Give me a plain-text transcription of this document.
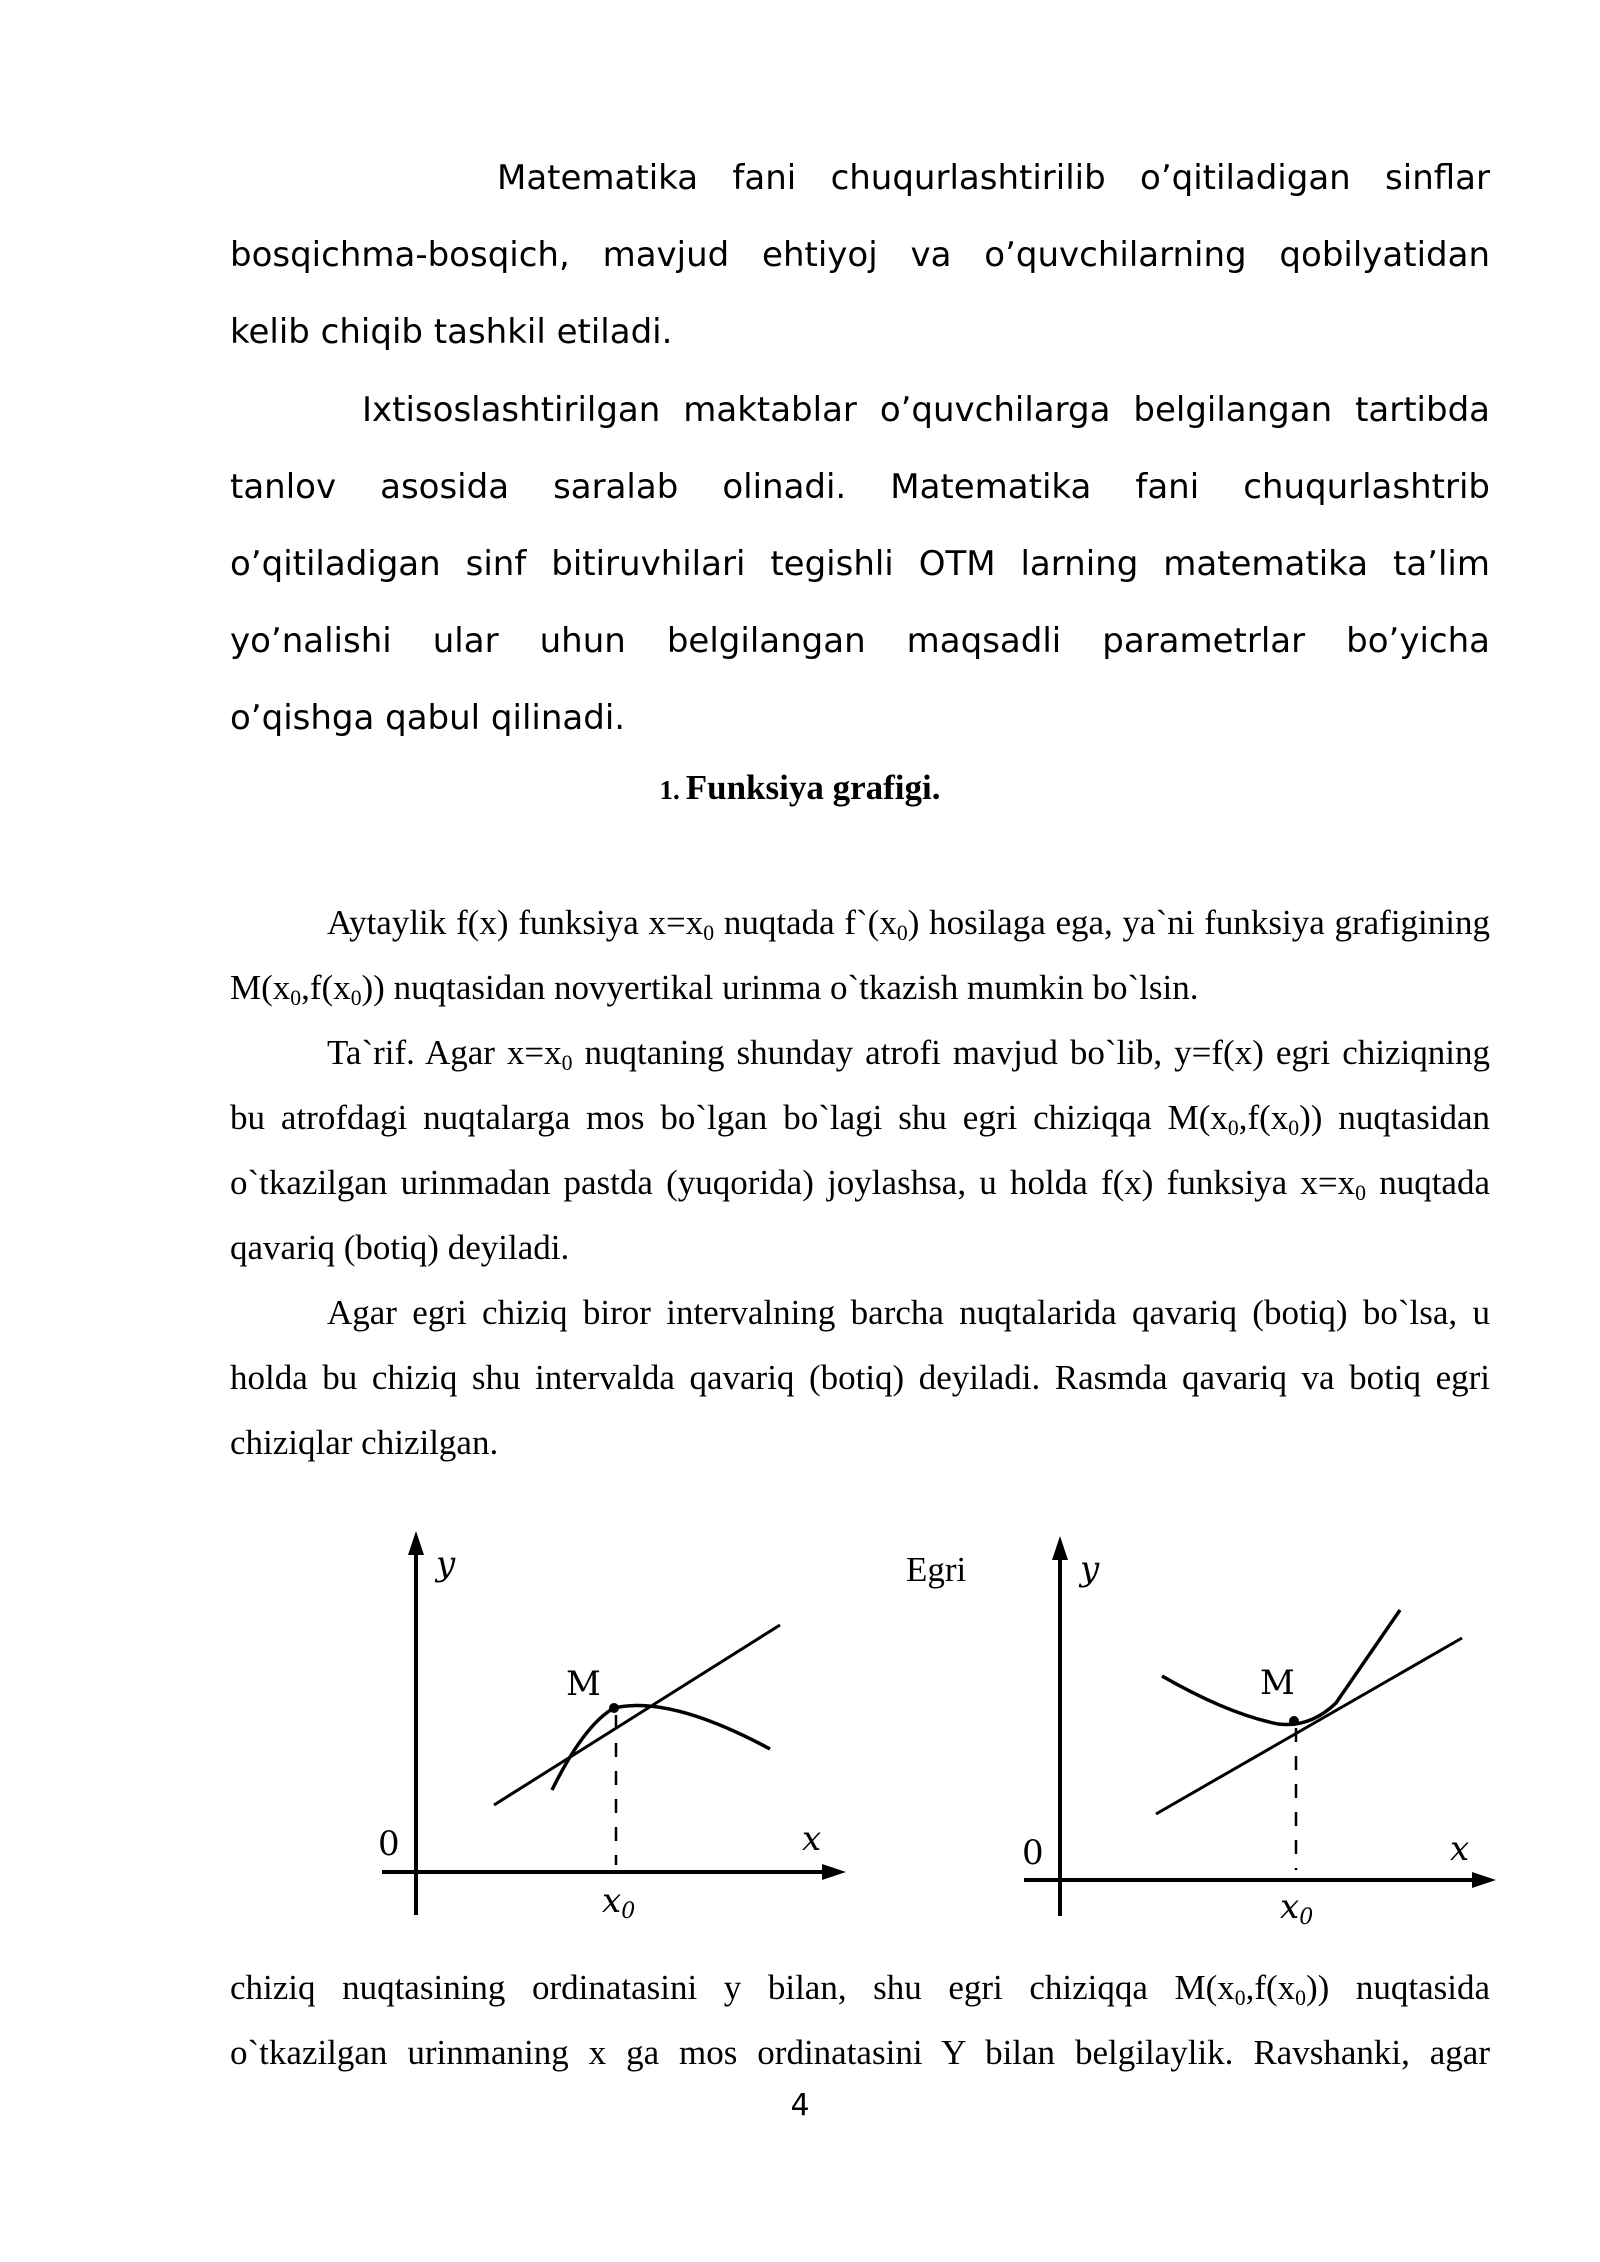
Matematika fani chuqurlashtirilib o’qitiladigan sinflar

bosqichma-bosqich, mavjud ehtiyoj va o’quvchilarning qobilyatidan

kelib chiqib tashkil etiladi.

Ixtisoslashtirilgan maktablar o’quvchilarga belgilangan tartibda

tanlov asosida saralab olinadi. Matematika fani chuqurlashtrib

o’qitiladigan sinf bitiruvhilari tegishli OTM larning matematika ta’lim

yo’nalishi ular uhun belgilangan maqsadli parametrlar bo’yicha

o’qishga qabul qilinadi.

1. Funksiya grafigi.

Aytaylik f(x) funksiya $x=x_0$ nuqtada $f`(x_0)$ hosilaga ega, ya`ni funksiya grafigining $M(x_0,f(x_0))$ nuqtasidan novyertikal urinma o`tkazish mumkin bo`lsin.

Ta`rif. Agar $x=x_0$ nuqtaning shunday atrofi mavjud bo`lib, y=f(x) egri chiziqning bu atrofdagi nuqtalarga mos bo`lgan bo`lagi shu egri chiziqqa $M(x_0,f(x_0))$ nuqtasidan o`tkazilgan urinmadan pastda (yuqorida) joylashsa, u holda f(x) funksiya $x=x_0$ nuqtada qavariq (botiq) deyiladi.

Agar egri chiziq biror intervalning barcha nuqtalarida qavariq (botiq) bo`lsa, u holda bu chiziq shu intervalda qavariq (botiq) deyiladi. Rasmda qavariq va botiq egri chiziqlar chizilgan.

y
x
0
M
x0
Egri	y
x
0
M
x0

chiziq nuqtasining ordinatasini y bilan, shu egri chiziqqa $M(x_0,f(x_0))$ nuqtasida

o`tkazilgan urinmaning x ga mos ordinatasini Y bilan belgilaylik. Ravshanki, agar

4
